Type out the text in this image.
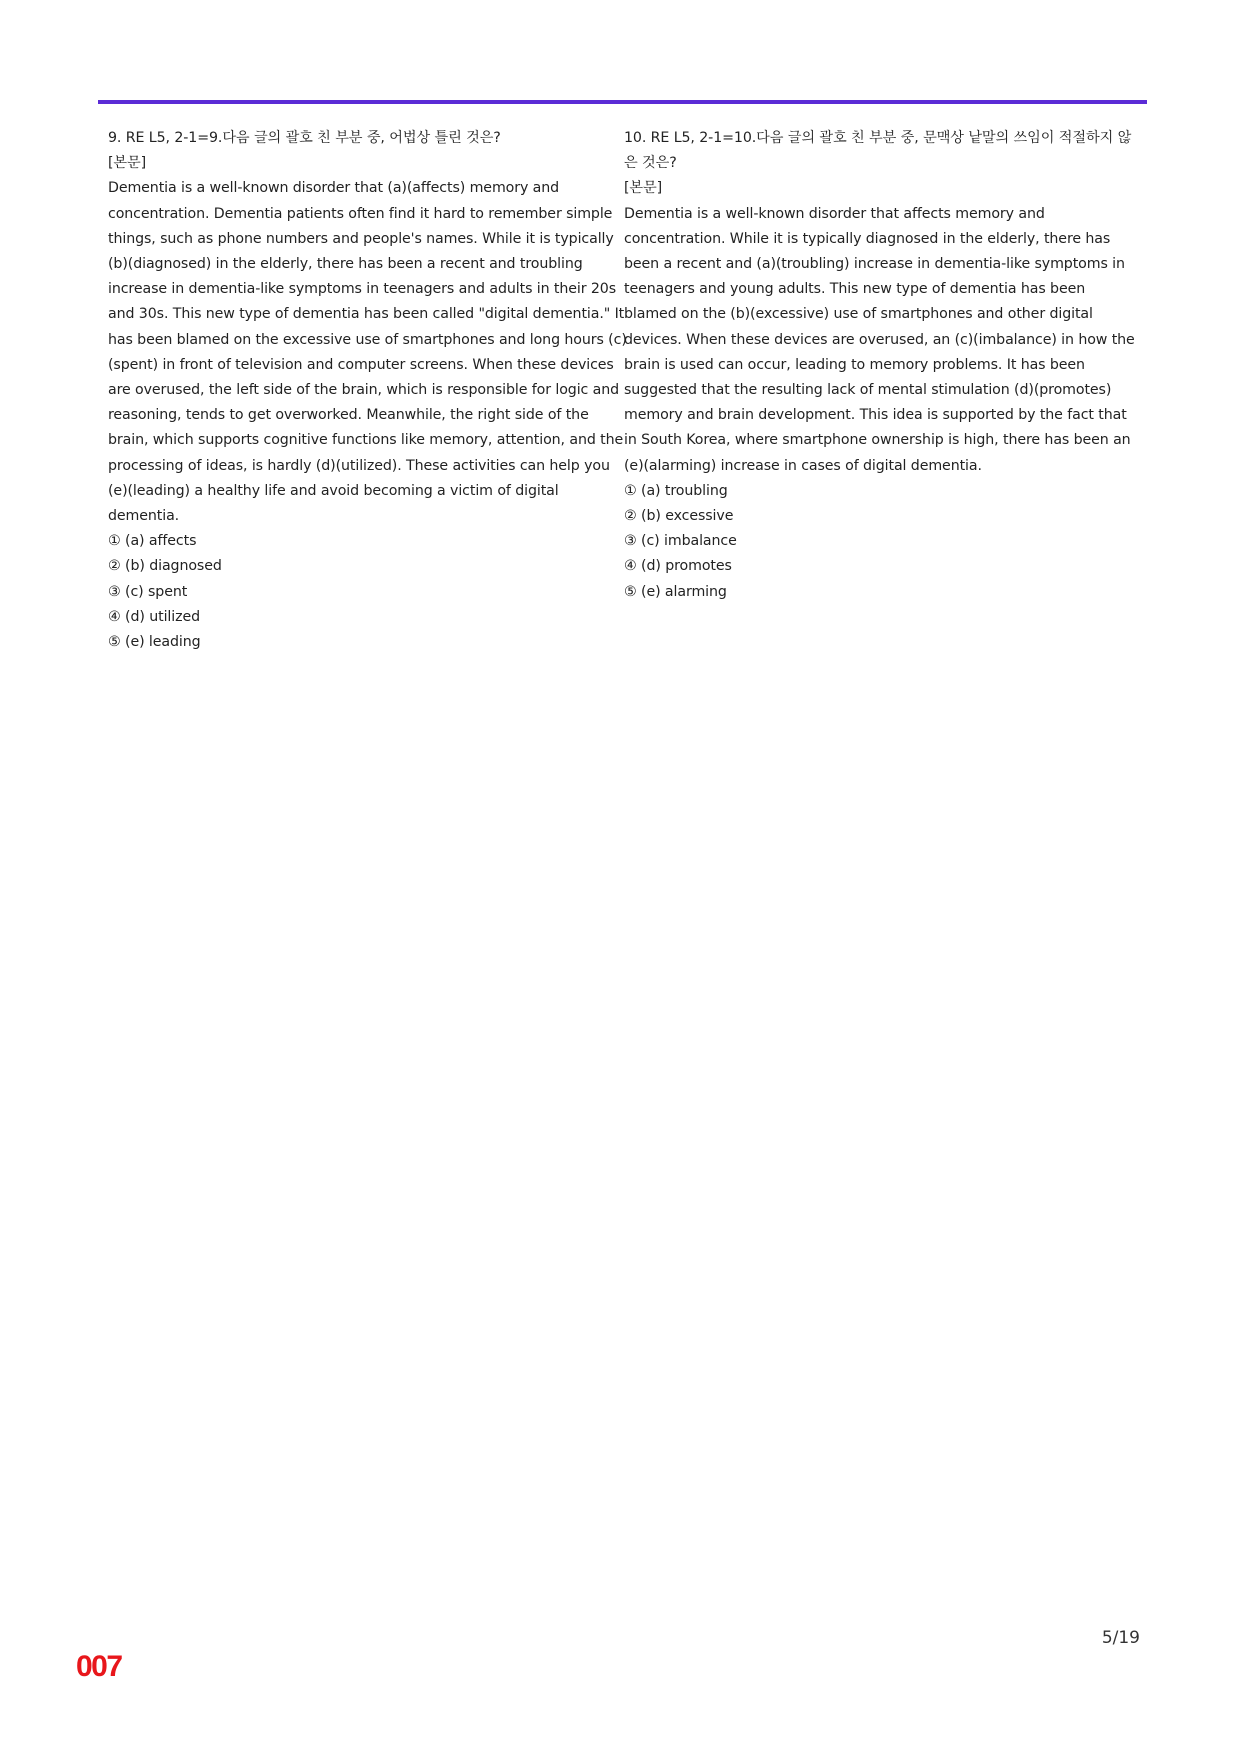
9. RE L5, 2-1=9.다음 글의 괄호 친 부분 중, 어법상 틀린 것은?

[본문]

Dementia is a well-known disorder that (a)(affects) memory and concentration. Dementia patients often find it hard to remember simple things, such as phone numbers and people's names. While it is typically (b)(diagnosed) in the elderly, there has been a recent and troubling increase in dementia-like symptoms in teenagers and adults in their 20s and 30s. This new type of dementia has been called "digital dementia." It has been blamed on the excessive use of smartphones and long hours (c)(spent) in front of television and computer screens. When these devices are overused, the left side of the brain, which is responsible for logic and reasoning, tends to get overworked. Meanwhile, the right side of the brain, which supports cognitive functions like memory, attention, and the processing of ideas, is hardly (d)(utilized). These activities can help you (e)(leading) a healthy life and avoid becoming a victim of digital dementia.

① (a) affects
② (b) diagnosed
③ (c) spent
④ (d) utilized
⑤ (e) leading

10. RE L5, 2-1=10.다음 글의 괄호 친 부분 중, 문맥상 낱말의 쓰임이 적절하지 않은 것은?

[본문]

Dementia is a well-known disorder that affects memory and concentration. While it is typically diagnosed in the elderly, there has been a recent and (a)(troubling) increase in dementia-like symptoms in teenagers and young adults. This new type of dementia has been blamed on the (b)(excessive) use of smartphones and other digital devices. When these devices are overused, an (c)(imbalance) in how the brain is used can occur, leading to memory problems. It has been suggested that the resulting lack of mental stimulation (d)(promotes) memory and brain development. This idea is supported by the fact that in South Korea, where smartphone ownership is high, there has been an (e)(alarming) increase in cases of digital dementia.

① (a) troubling
② (b) excessive
③ (c) imbalance
④ (d) promotes
⑤ (e) alarming
5/19
007
